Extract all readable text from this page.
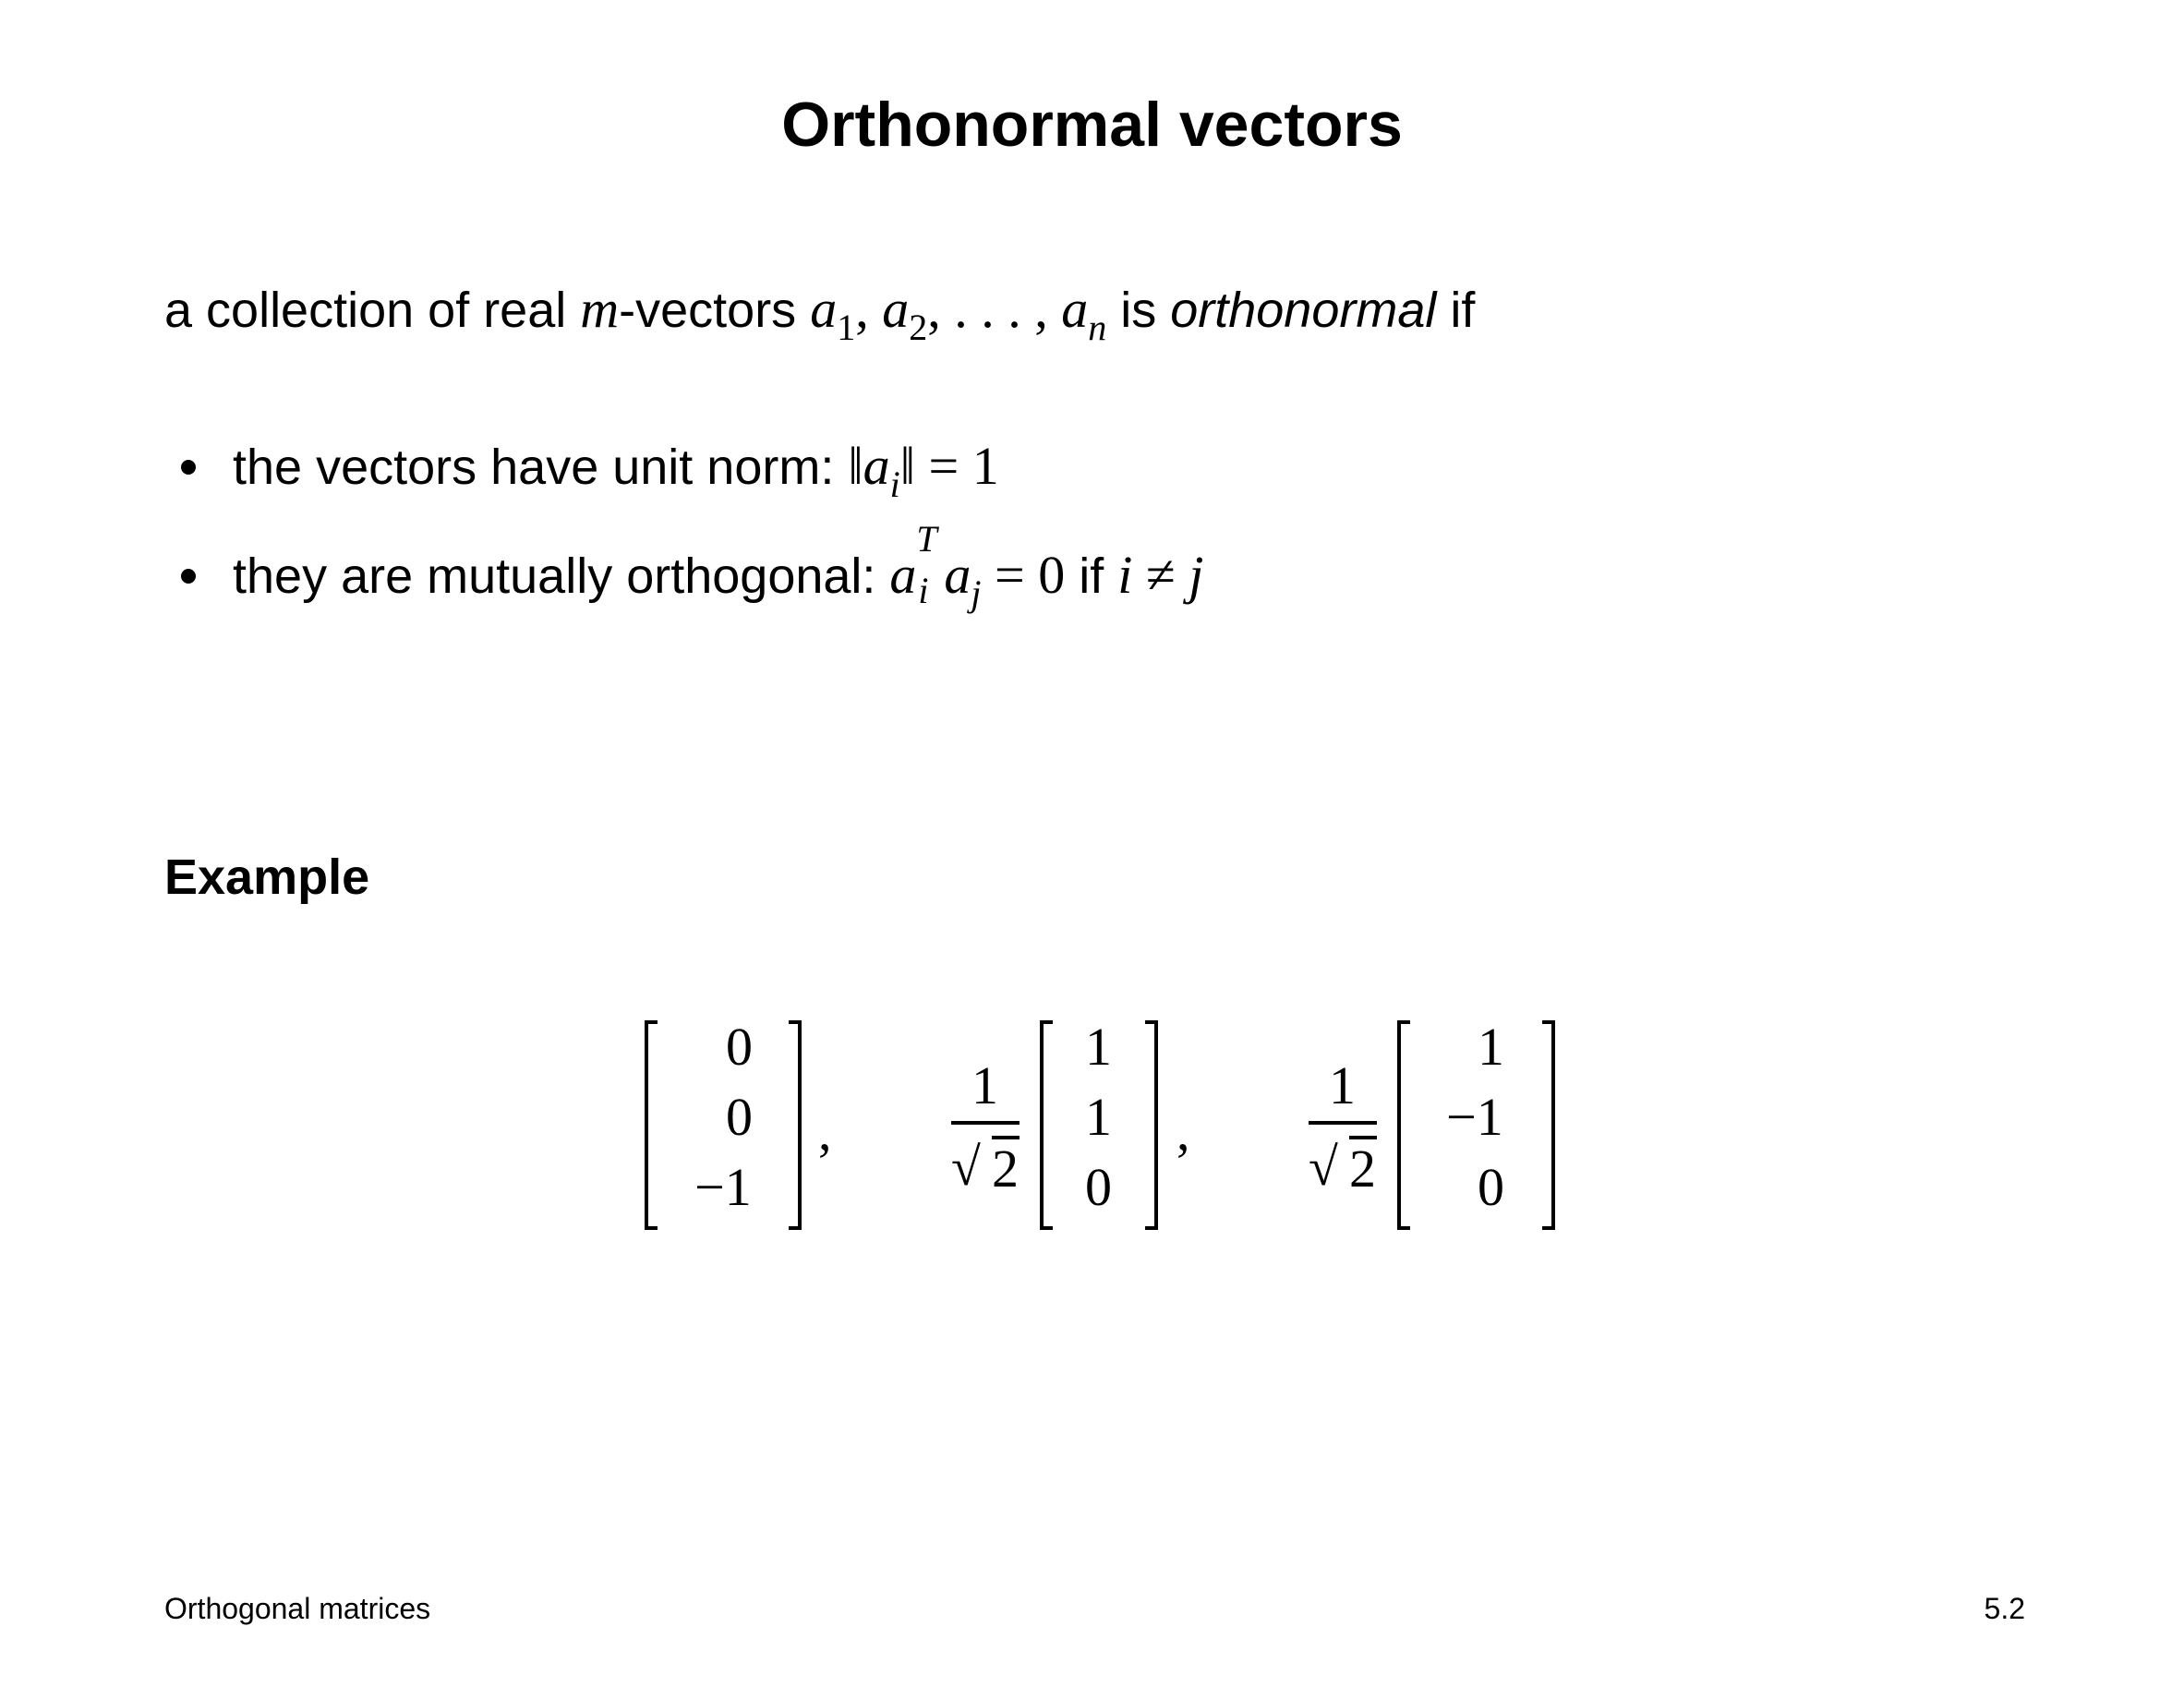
Orthonormal vectors
a collection of real m-vectors $a_1$, $a_2$, . . . , $a_n$ is orthonormal if
the vectors have unit norm: $‖a_i‖ = 1$
they are mutually orthogonal: a
T
i $a_j = 0$ if i ≠ j
Example
0
0
−1
,
1
√ 2
1
1
0
,
1
√ 2
1
−1
0
Orthogonal matrices	5.2
